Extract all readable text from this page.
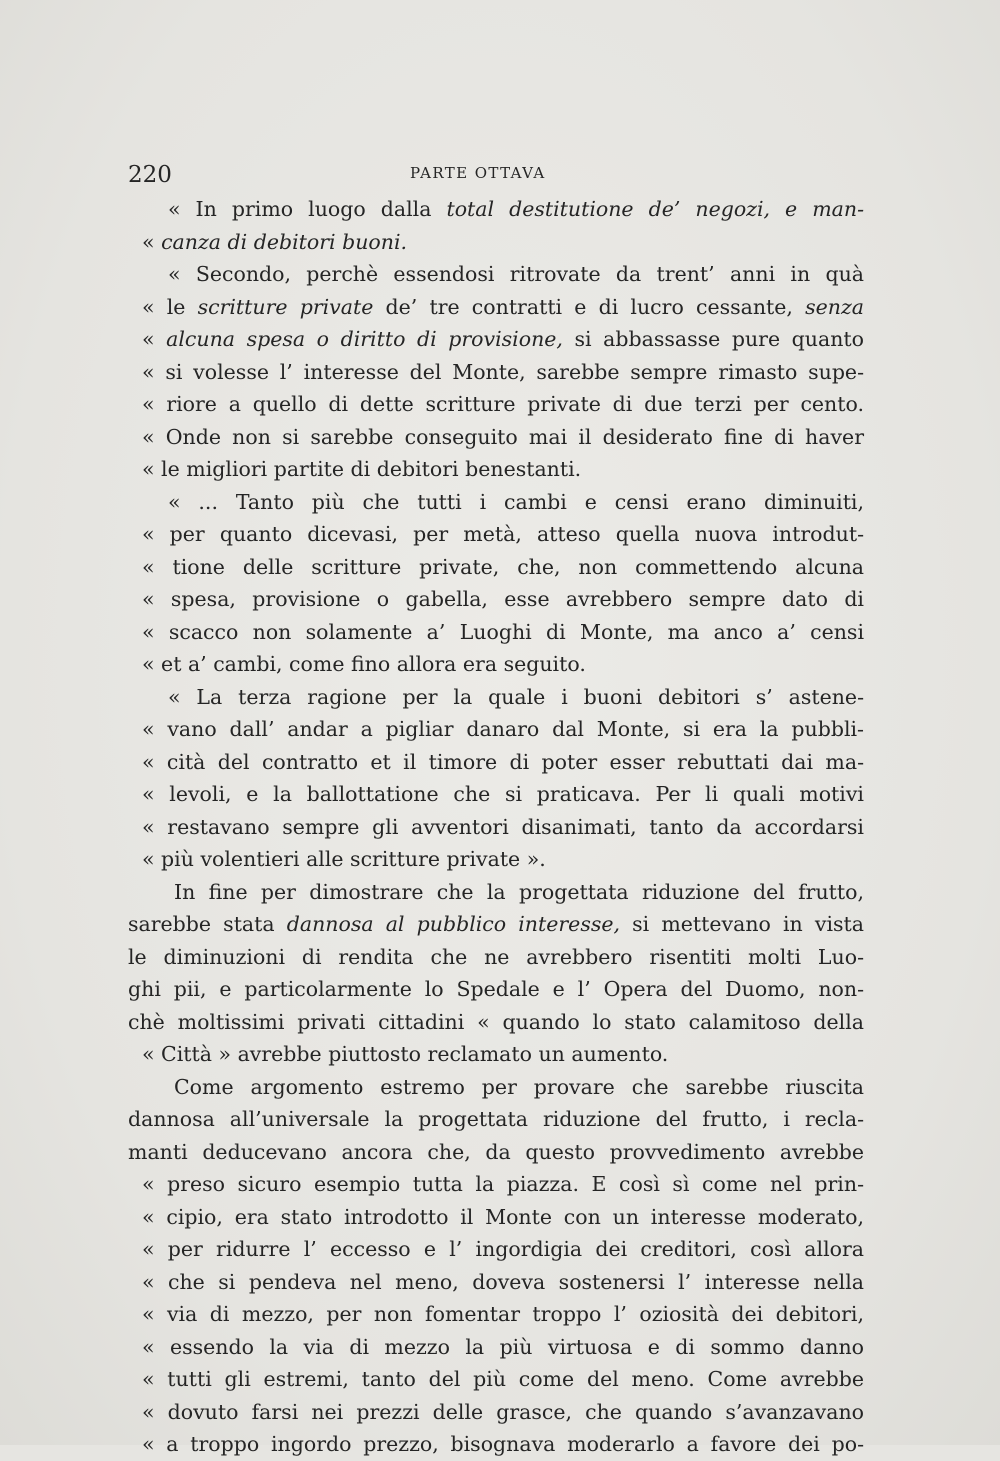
220	PARTE OTTAVA
« In primo luogo dalla total destitutione de’ negozi, e man-
« canza di debitori buoni.
« Secondo, perchè essendosi ritrovate da trent’ anni in quà
« le scritture private de’ tre contratti e di lucro cessante, senza
« alcuna spesa o diritto di provisione, si abbassasse pure quanto
« si volesse l’ interesse del Monte, sarebbe sempre rimasto supe-
« riore a quello di dette scritture private di due terzi per cento.
« Onde non si sarebbe conseguito mai il desiderato fine di haver
« le migliori partite di debitori benestanti.
« ... Tanto più che tutti i cambi e censi erano diminuiti,
« per quanto dicevasi, per metà, atteso quella nuova introdut-
« tione delle scritture private, che, non commettendo alcuna
« spesa, provisione o gabella, esse avrebbero sempre dato di
« scacco non solamente a’ Luoghi di Monte, ma anco a’ censi
« et a’ cambi, come fino allora era seguito.
« La terza ragione per la quale i buoni debitori s’ astene-
« vano dall’ andar a pigliar danaro dal Monte, si era la pubbli-
« cità del contratto et il timore di poter esser rebuttati dai ma-
« levoli, e la ballottatione che si praticava. Per li quali motivi
« restavano sempre gli avventori disanimati, tanto da accordarsi
« più volentieri alle scritture private ».
In fine per dimostrare che la progettata riduzione del frutto,
sarebbe stata dannosa al pubblico interesse, si mettevano in vista
le diminuzioni di rendita che ne avrebbero risentiti molti Luo-
ghi pii, e particolarmente lo Spedale e l’ Opera del Duomo, non-
chè moltissimi privati cittadini « quando lo stato calamitoso della
« Città » avrebbe piuttosto reclamato un aumento.
Come argomento estremo per provare che sarebbe riuscita
dannosa all’universale la progettata riduzione del frutto, i recla-
manti deducevano ancora che, da questo provvedimento avrebbe
« preso sicuro esempio tutta la piazza. E così sì come nel prin-
« cipio, era stato introdotto il Monte con un interesse moderato,
« per ridurre l’ eccesso e l’ ingordigia dei creditori, così allora
« che si pendeva nel meno, doveva sostenersi l’ interesse nella
« via di mezzo, per non fomentar troppo l’ oziosità dei debitori,
« essendo la via di mezzo la più virtuosa e di sommo danno
« tutti gli estremi, tanto del più come del meno. Come avrebbe
« dovuto farsi nei prezzi delle grasce, che quando s’avanzavano
« a troppo ingordo prezzo, bisognava moderarlo a favore dei po-
